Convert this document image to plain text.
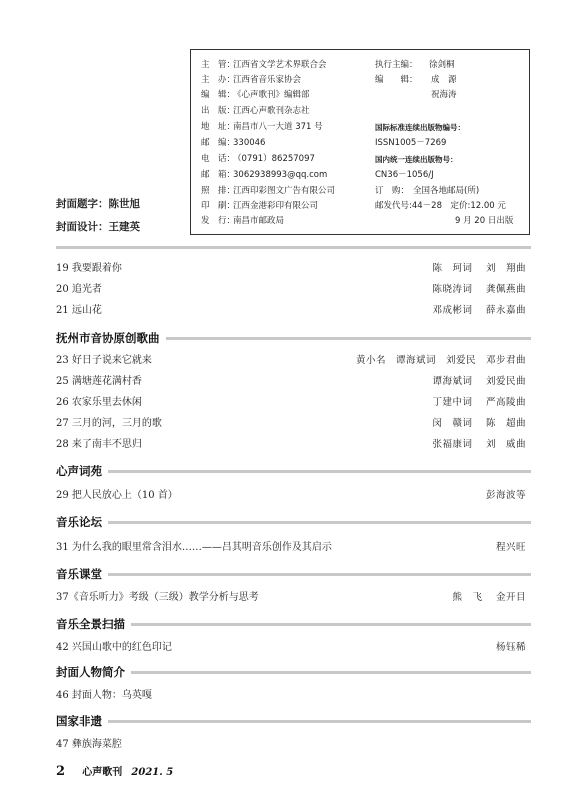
主　管：江西省文学艺术界联合会
主　办：江西省音乐家协会
编　辑：《心声歌刊》编辑部
出　版：江西心声歌刊杂志社
地　址：南昌市八一大道 371 号
邮　编：330046
电　话：（0791）86257097
邮　箱：3062938993@qq.com
照　排：江西印彩图文广告有限公司
印　刷：江西金港彩印有限公司
发　行：南昌市邮政局
执行主编： 徐剑桐
编　　辑： 成　源
祝海涛
国际标准连续出版物编号：
ISSN1005－7269
国内统一连续出版物号：
CN36－1056/J
订　购： 全国各地邮局(所)
邮发代号:44－28　定价:12.00 元
9 月 20 日出版
封面题字：陈世旭
封面设计：王建英
19 我要跟着你	陈　珂词　 刘　翔曲
20 追光者	陈晓涛词　 龚佩燕曲
21 远山花	邓成彬词　 薛永嘉曲
抚州市音协原创歌曲
23 好日子说来它就来	黄小名　谭海斌词　刘爱民　邓步君曲
25 满塘莲花满村香	谭海斌词　 刘爱民曲
26 农家乐里去休闲	丁建中词　 严高陵曲
27 三月的河，三月的歌	闵　赣词　 陈　超曲
28 来了南丰不思归	张福康词　 刘　威曲
心声词苑
29 把人民放心上（10 首）	彭海波等
音乐论坛
31 为什么我的眼里常含泪水……——吕其明音乐创作及其启示	程兴旺
音乐课堂
37《音乐听力》考级（三级）教学分析与思考	熊　飞　 金开目
音乐全景扫描
42 兴国山歌中的红色印记	杨钰稀
封面人物简介
46 封面人物：乌英嘎
国家非遗
47 彝族海菜腔
2 心声歌刊 2021. 5
